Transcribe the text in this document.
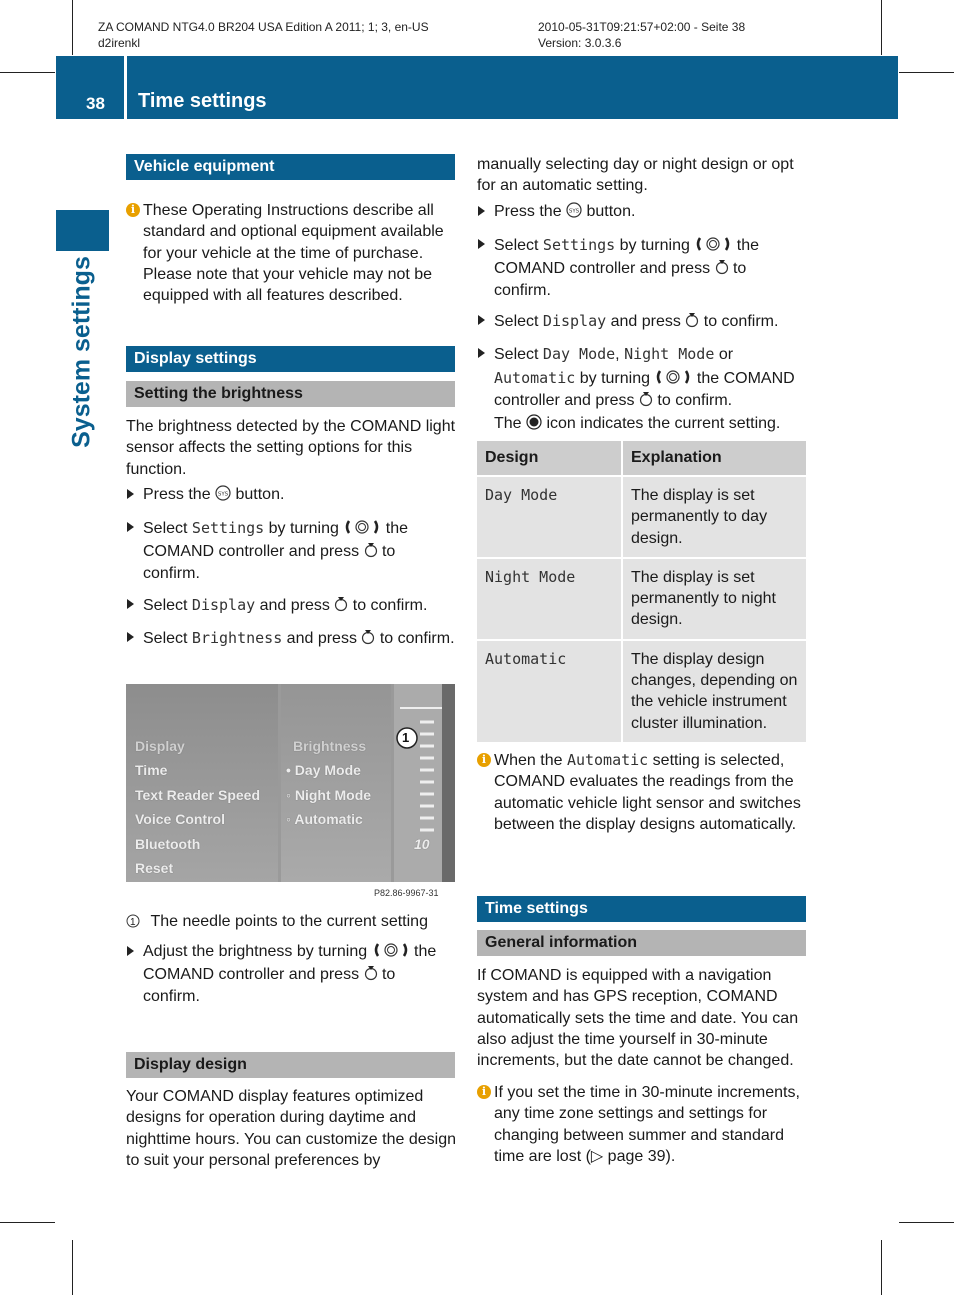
ZA COMAND NTG4.0 BR204 USA Edition A 2011; 1; 3, en-US
d2irenkl
2010-05-31T09:21:57+02:00 - Seite 38
Version: 3.0.3.6
38 Time settings
System settings
Vehicle equipment
i These Operating Instructions describe all standard and optional equipment available for your vehicle at the time of purchase. Please note that your vehicle may not be equipped with all features described.
Display settings
Setting the brightness
The brightness detected by the COMAND light sensor affects the setting options for this function.
Press the SYS button.
Select Settings by turning  the COMAND controller and press  to confirm.
Select Display and press  to confirm.
Select Brightness and press  to confirm.
Display
Time
Text Reader Speed
Voice Control
Bluetooth
Reset
Brightness
• Day Mode
◦ Night Mode
◦ Automatic
1
10
P82.86-9967-31

1 The needle points to the current setting
Adjust the brightness by turning  the COMAND controller and press  to confirm.
Display design
Your COMAND display features optimized designs for operation during daytime and nighttime hours. You can customize the design to suit your personal preferences by
manually selecting day or night design or opt for an automatic setting.
Press the SYS button.
Select Settings by turning  the COMAND controller and press  to confirm.
Select Display and press  to confirm.
Select Day Mode, Night Mode or Automatic by turning  the COMAND controller and press  to confirm.
The  icon indicates the current setting.
Design	Explanation
Day Mode	The display is set permanently to day design.
Night Mode	The display is set permanently to night design.
Automatic	The display design changes, depending on the vehicle instrument cluster illumination.
i When the Automatic setting is selected, COMAND evaluates the readings from the automatic vehicle light sensor and switches between the display designs automatically.
Time settings
General information
If COMAND is equipped with a navigation system and has GPS reception, COMAND automatically sets the time and date. You can also adjust the time yourself in 30-minute increments, but the date cannot be changed.
i If you set the time in 30-minute increments, any time zone settings and settings for changing between summer and standard time are lost (▷ page 39).
